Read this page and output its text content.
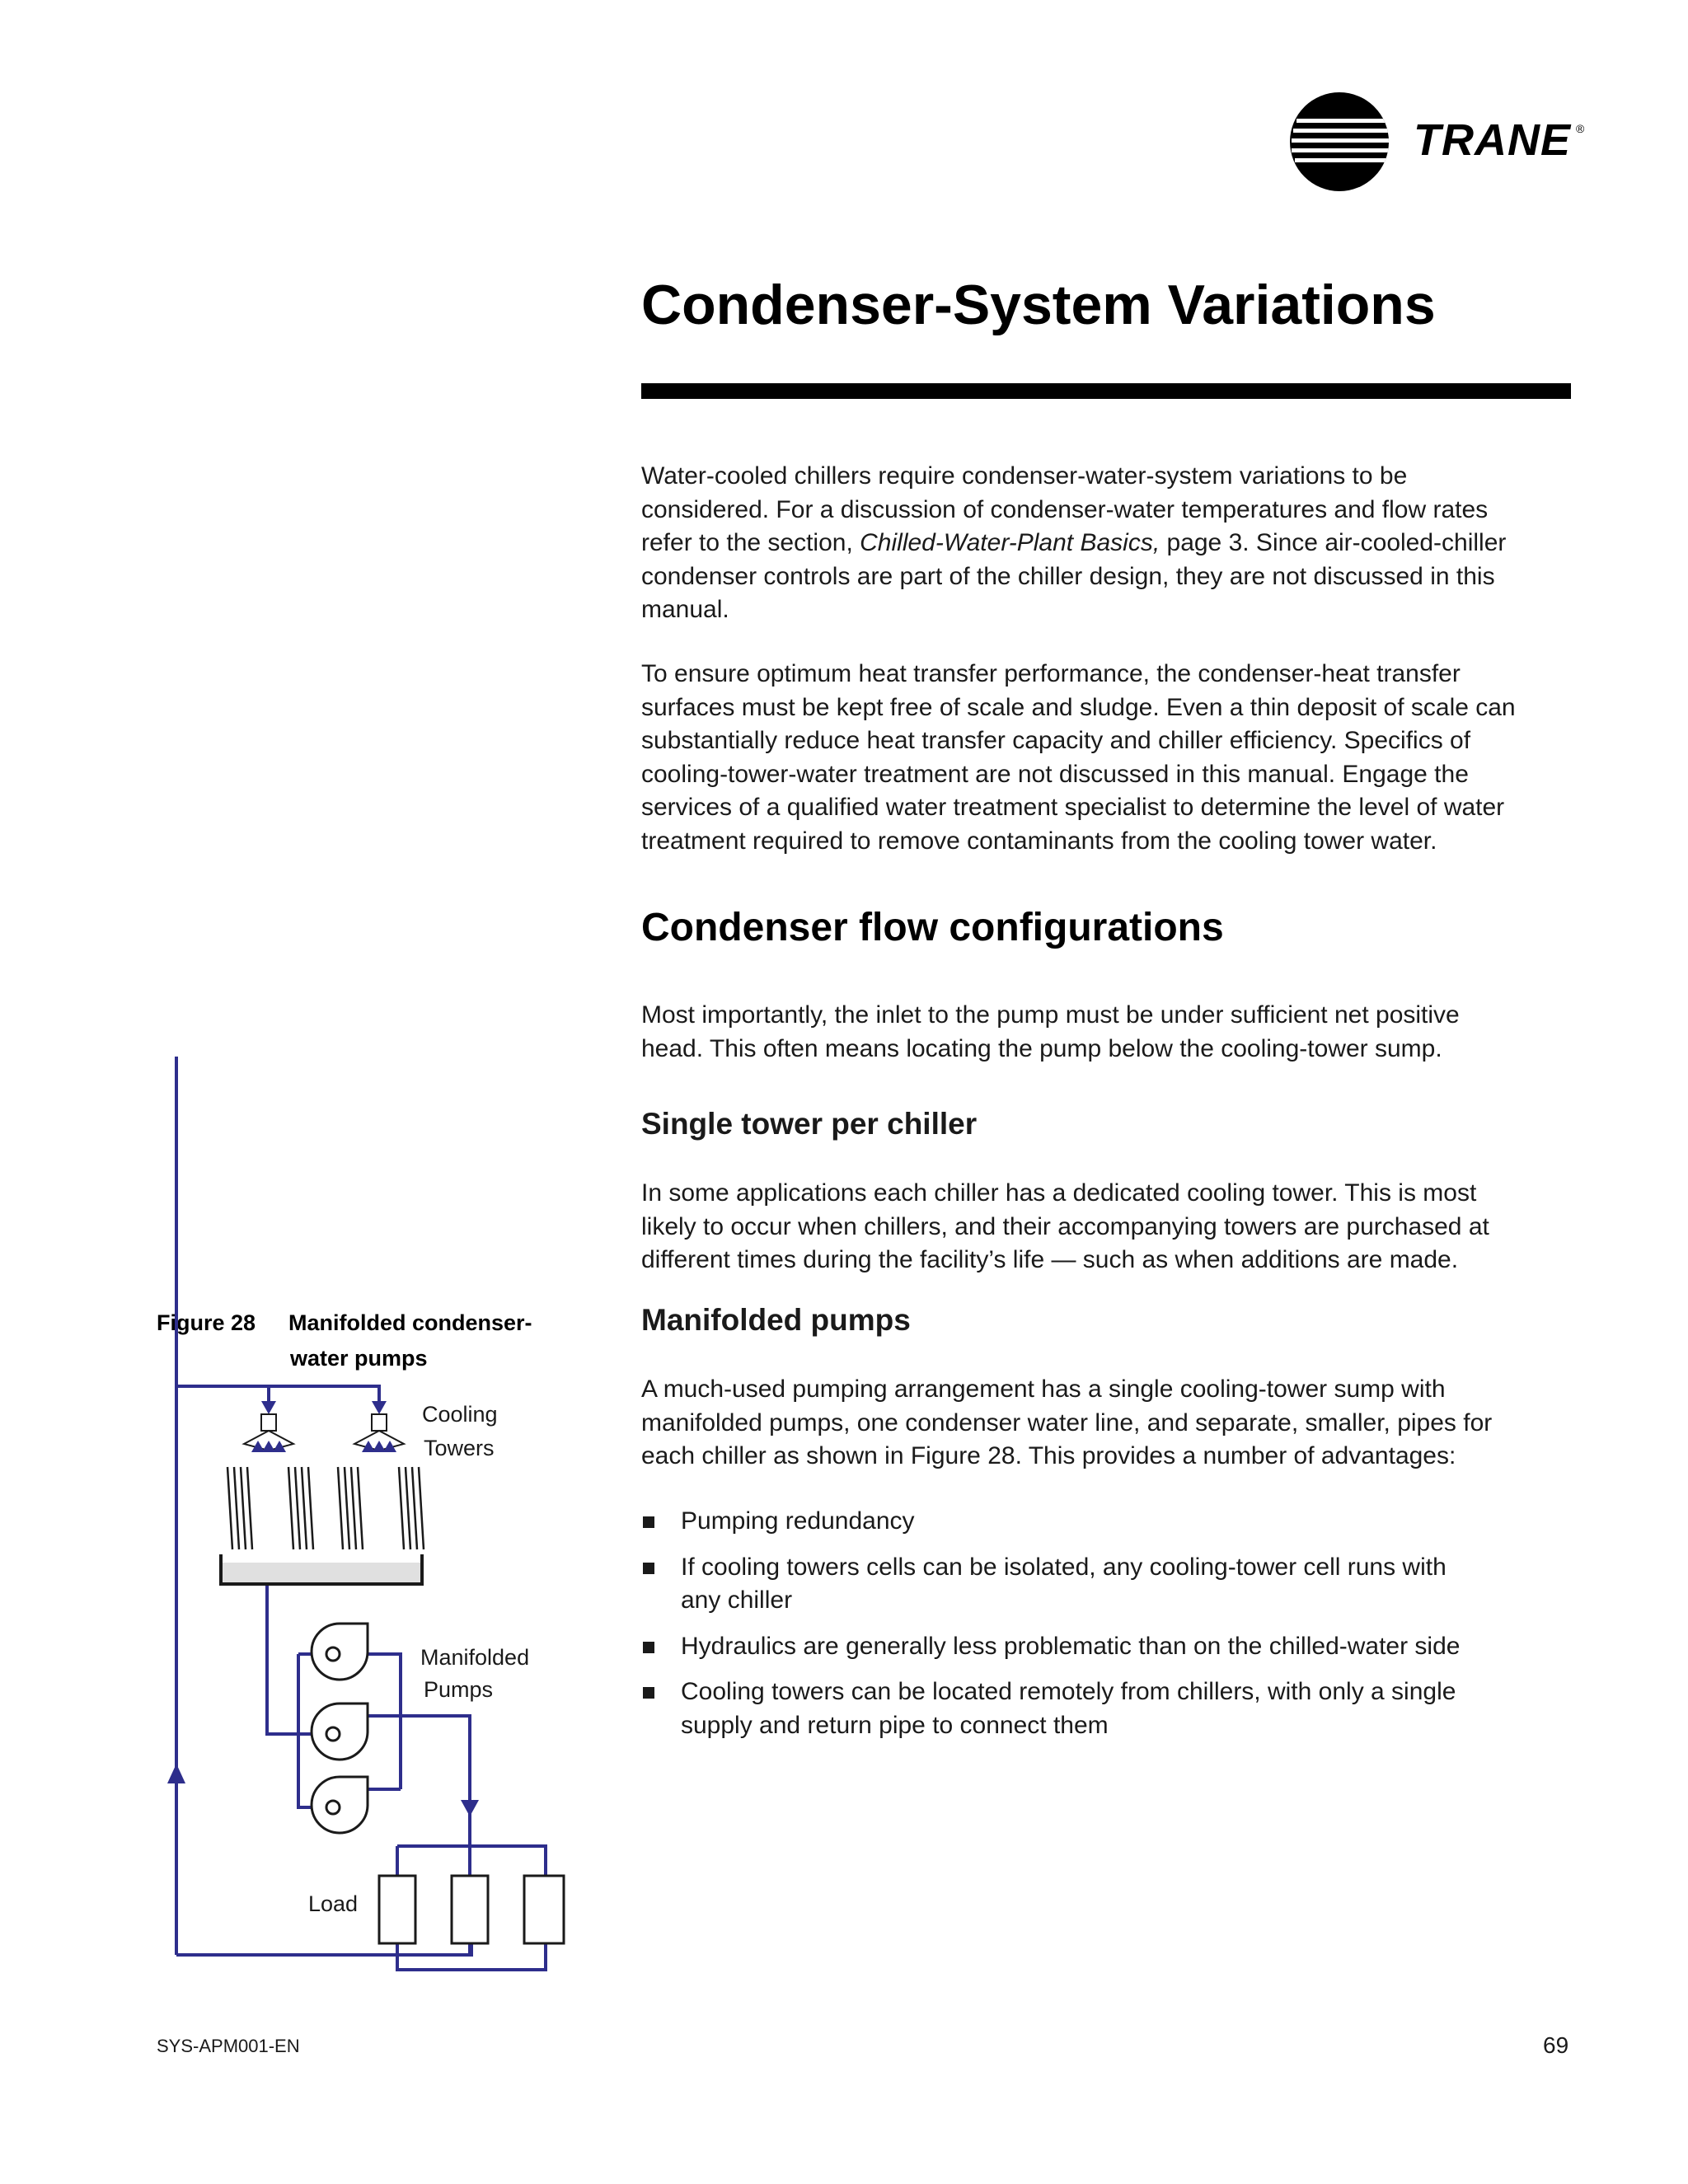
TRANE ®
Condenser-System Variations
Water-cooled chillers require condenser-water-system variations to be
considered. For a discussion of condenser-water temperatures and flow rates
refer to the section, Chilled-Water-Plant Basics, page 3. Since air-cooled-chiller
condenser controls are part of the chiller design, they are not discussed in this
manual.
To ensure optimum heat transfer performance, the condenser-heat transfer
surfaces must be kept free of scale and sludge. Even a thin deposit of scale can
substantially reduce heat transfer capacity and chiller efficiency. Specifics of
cooling-tower-water treatment are not discussed in this manual. Engage the
services of a qualified water treatment specialist to determine the level of water
treatment required to remove contaminants from the cooling tower water.
Condenser flow configurations
Most importantly, the inlet to the pump must be under sufficient net positive
head. This often means locating the pump below the cooling-tower sump.
Single tower per chiller
In some applications each chiller has a dedicated cooling tower. This is most
likely to occur when chillers, and their accompanying towers are purchased at
different times during the facility’s life — such as when additions are made.
Manifolded pumps
A much-used pumping arrangement has a single cooling-tower sump with
manifolded pumps, one condenser water line, and separate, smaller, pipes for
each chiller as shown in Figure 28. This provides a number of advantages:
Pumping redundancy
If cooling towers cells can be isolated, any cooling-tower cell runs with
any chiller
Hydraulics are generally less problematic than on the chilled-water side
Cooling towers can be located remotely from chillers, with only a single
supply and return pipe to connect them
Figure 28 Manifolded condenser-
water pumps
Cooling
Towers
Manifolded
Pumps
Load
SYS-APM001-EN	69
